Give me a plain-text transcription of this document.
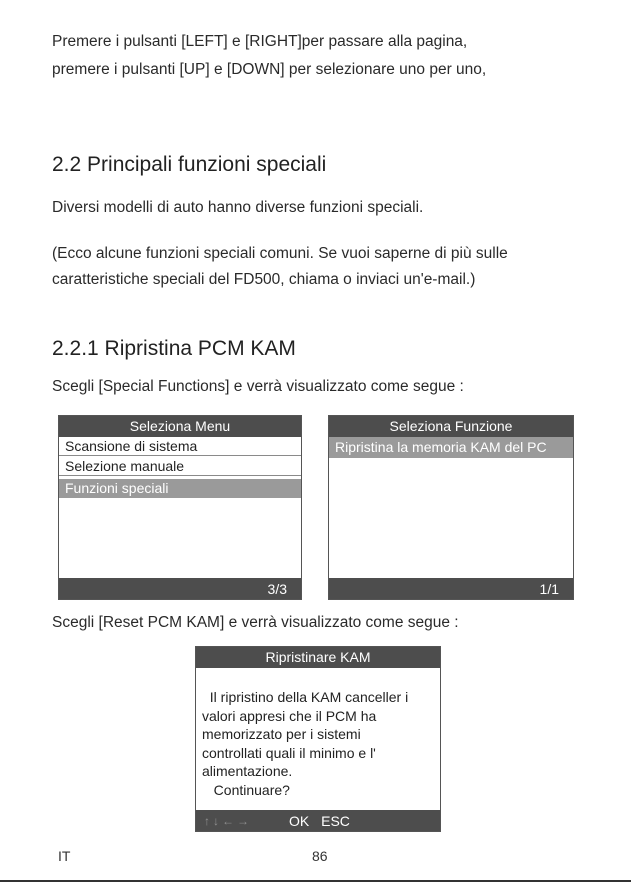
Premere i pulsanti [LEFT] e [RIGHT]per passare alla pagina,
premere i pulsanti [UP] e [DOWN] per selezionare uno per uno,
2.2 Principali funzioni speciali
Diversi modelli di auto hanno diverse funzioni speciali.
(Ecco alcune funzioni speciali comuni. Se vuoi saperne di più sulle
caratteristiche speciali del FD500, chiama o inviaci un'e-mail.)
2.2.1 Ripristina PCM KAM
Scegli [Special Functions] e verrà visualizzato come segue :
Seleziona Menu
Scansione di sistema
Selezione manuale
Funzioni speciali
3/3
Seleziona Funzione
Ripristina la memoria KAM del PC
1/1
Scegli [Reset PCM KAM] e verrà visualizzato come segue :
Ripristinare KAM
Il ripristino della KAM canceller i
valori appresi che il PCM ha
memorizzato per i sistemi
controllati quali il minimo e l'
alimentazione.
Continuare?
↑↓←→	OK ESC
IT	86
